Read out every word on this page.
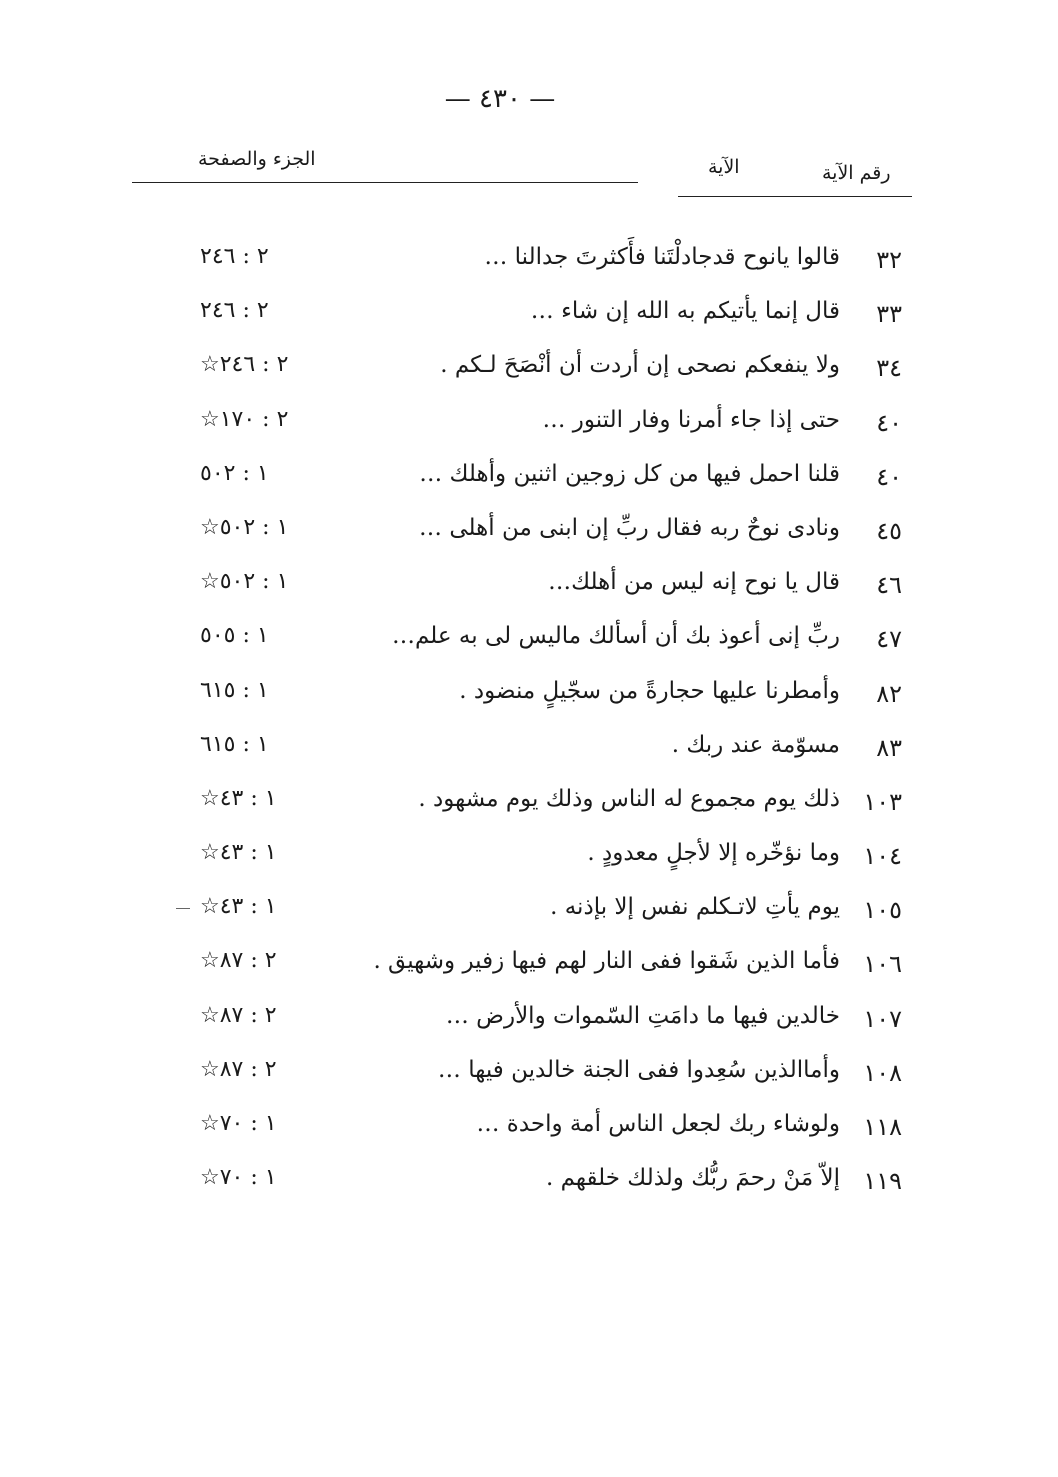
— ٤٣٠ —
رقم الآية
الآية
الجزء والصفحة
٣٢
قالوا يانوح قدجادلْتَنا فأَكثرتَ جدالنا …
٢ : ٢٤٦
٣٣
قال إنما يأتيكم به الله إن شاء …
٢ : ٢٤٦
٣٤
ولا ينفعكم نصحى إن أردت أن أنْصَحَ لـكم .
٢ : ٢٤٦☆
٤٠
حتى إذا جاء أمرنا وفار التنور …
٢ : ١٧٠☆
٤٠
قلنا احمل فيها من كل زوجين اثنين وأهلك …
١ : ٥٠٢
٤٥
ونادى نوحٌ ربه فقال ربِّ إن ابنى من أهلى …
١ : ٥٠٢☆
٤٦
قال يا نوح إنه ليس من أهلك…
١ : ٥٠٢☆
٤٧
ربِّ إنى أعوذ بك أن أسألك ماليس لى به علم…
١ : ٥٠٥
٨٢
وأمطرنا عليها حجارةً من سجّيلٍ منضود .
١ : ٦١٥
٨٣
مسوّمة عند ربك .
١ : ٦١٥
١٠٣
ذلك يوم مجموع له الناس وذلك يوم مشهود .
١ : ٤٣☆
١٠٤
وما نؤخّره إلا لأجلٍ معدودٍ .
١ : ٤٣☆
١٠٥
يوم يأتِ لاتـكلم نفس إلا بإذنه .
١ : ٤٣☆
١٠٦
فأما الذين شَقوا ففى النار لهم فيها زفير وشهيق .
٢ : ٨٧☆
١٠٧
خالدين فيها ما دامَتِ السّموات والأرض …
٢ : ٨٧☆
١٠٨
وأماالذين سُعِدوا ففى الجنة خالدين فيها …
٢ : ٨٧☆
١١٨
ولوشاء ربك لجعل الناس أمة واحدة …
١ : ٧٠☆
١١٩
إلاّ مَنْ رحمَ ربُّك ولذلك خلقهم .
١ : ٧٠☆
